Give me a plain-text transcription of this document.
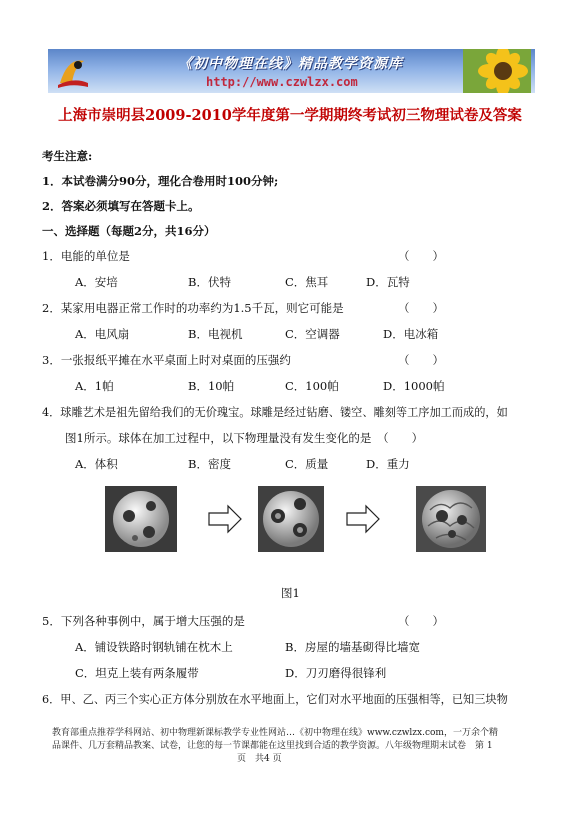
《初中物理在线》精品教学资源库
http://www.czwlzx.com
上海市崇明县2009-2010学年度第一学期期终考试初三物理试卷及答案
考生注意:
1．本试卷满分90分，理化合卷用时100分钟;
2．答案必须填写在答题卡上。
一、选择题（每题2分，共16分）
1．电能的单位是	（　　）
A．安培	B．伏特	C．焦耳	D．瓦特
2．某家用电器正常工作时的功率约为1.5千瓦，则它可能是	（　　）
A．电风扇	B．电视机	C．空调器	D．电冰箱
3．一张报纸平摊在水平桌面上时对桌面的压强约	（　　）
A．1帕	B．10帕	C．100帕	D．1000帕
4．球雕艺术是祖先留给我们的无价瑰宝。球雕是经过钻磨、镂空、雕刻等工序加工而成的，如
图1所示。球体在加工过程中，以下物理量没有发生变化的是　（　　）
A．体积	B．密度	C．质量	D．重力
图1
5．下列各种事例中，属于增大压强的是	（　　）
A．铺设铁路时钢轨铺在枕木上	B．房屋的墙基砌得比墙宽
C．坦克上装有两条履带	D．刀刃磨得很锋利
6．甲、乙、丙三个实心正方体分别放在水平地面上，它们对水平地面的压强相等，已知三块物
教育部重点推荐学科网站、初中物理新课标教学专业性网站…《初中物理在线》www.czwlzx.com，一万余个精
品课件、几万套精品教案、试卷，让您的每一节课都能在这里找到合适的教学资源。八年级物理期末试卷　第 1
页　共4 页
